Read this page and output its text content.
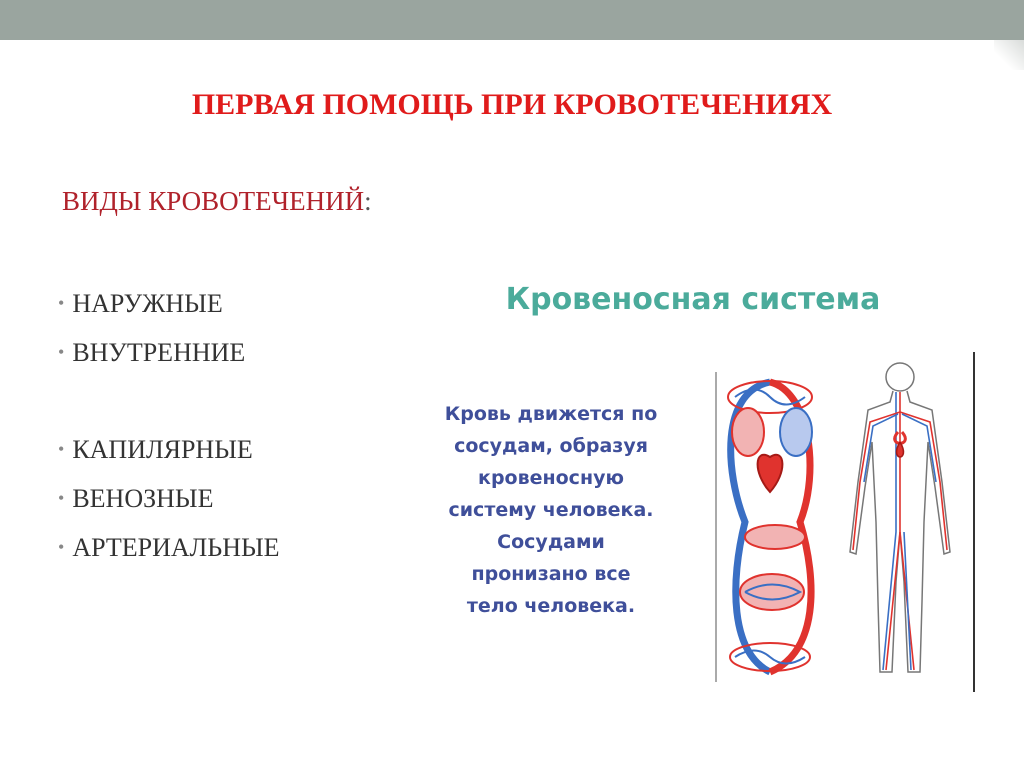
ПЕРВАЯ ПОМОЩЬ ПРИ КРОВОТЕЧЕНИЯХ
ВИДЫ КРОВОТЕЧЕНИЙ:
• НАРУЖНЫЕ
• ВНУТРЕННИЕ
• КАПИЛЯРНЫЕ
• ВЕНОЗНЫЕ
• АРТЕРИАЛЬНЫЕ
Кровеносная система
Кровь движется по
сосудам, образуя
кровеносную
систему человека.
Сосудами
пронизано все
тело человека.
